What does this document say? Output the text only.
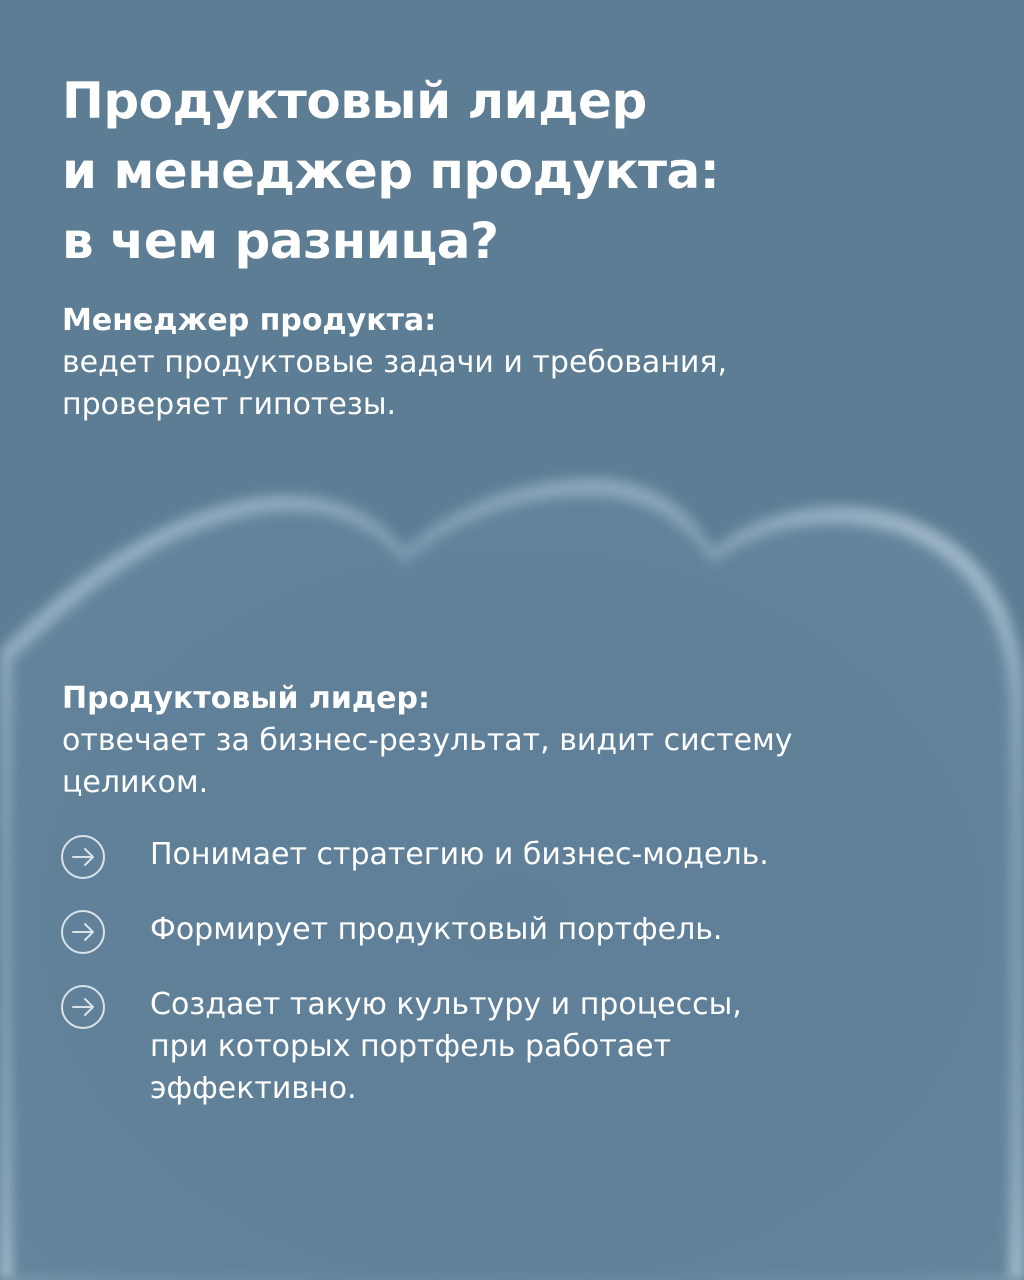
Продуктовый лидер
и менеджер продукта:
в чем разница?
Менеджер продукта:
ведет продуктовые задачи и требования,
проверяет гипотезы.
Продуктовый лидер:
отвечает за бизнес-результат, видит систему
целиком.
Понимает стратегию и бизнес-модель.
Формирует продуктовый портфель.
Создает такую культуру и процессы,
при которых портфель работает
эффективно.
